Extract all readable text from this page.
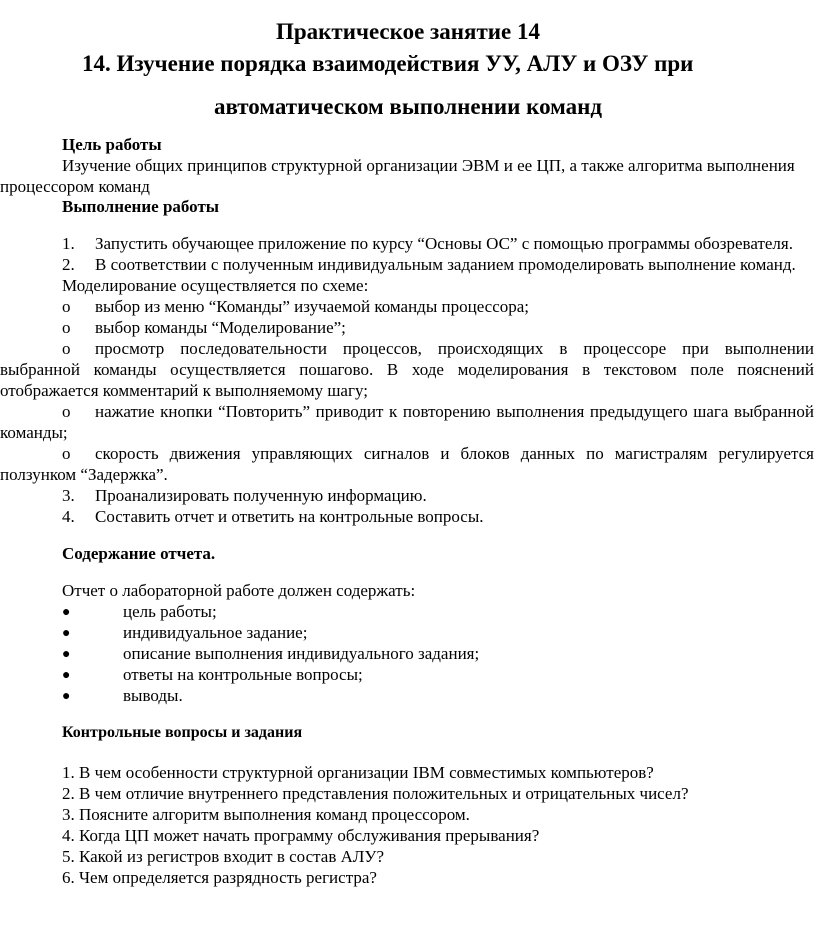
Практическое занятие 14
14. Изучение порядка взаимодействия УУ, АЛУ и ОЗУ при
автоматическом выполнении команд
Цель работы
Изучение общих принципов структурной организации ЭВМ и ее ЦП, а также алгоритма выполнения
процессором команд
Выполнение работы
1. Запустить обучающее приложение по курсу “Основы ОС” с помощью программы обозревателя.
2. В соответствии с полученным индивидуальным заданием промоделировать выполнение команд.
Моделирование осуществляется по схеме:
o выбор из меню “Команды” изучаемой команды процессора;
o выбор команды “Моделирование”;
o просмотр последовательности процессов, происходящих в процессоре при выполнении
выбранной команды осуществляется пошагово. В ходе моделирования в текстовом поле пояснений
отображается комментарий к выполняемому шагу;
o нажатие кнопки “Повторить” приводит к повторению выполнения предыдущего шага выбранной
команды;
o скорость движения управляющих сигналов и блоков данных по магистралям регулируется
ползунком “Задержка”.
3. Проанализировать полученную информацию.
4. Составить отчет и ответить на контрольные вопросы.
Содержание отчета.
Отчет о лабораторной работе должен содержать:
●	цель работы;
●	индивидуальное задание;
●	описание выполнения индивидуального задания;
●	ответы на контрольные вопросы;
●	выводы.
Контрольные вопросы и задания
1. В чем особенности структурной организации IBM совместимых компьютеров?
2. В чем отличие внутреннего представления положительных и отрицательных чисел?
3. Поясните алгоритм выполнения команд процессором.
4. Когда ЦП может начать программу обслуживания прерывания?
5. Какой из регистров входит в состав АЛУ?
6. Чем определяется разрядность регистра?
